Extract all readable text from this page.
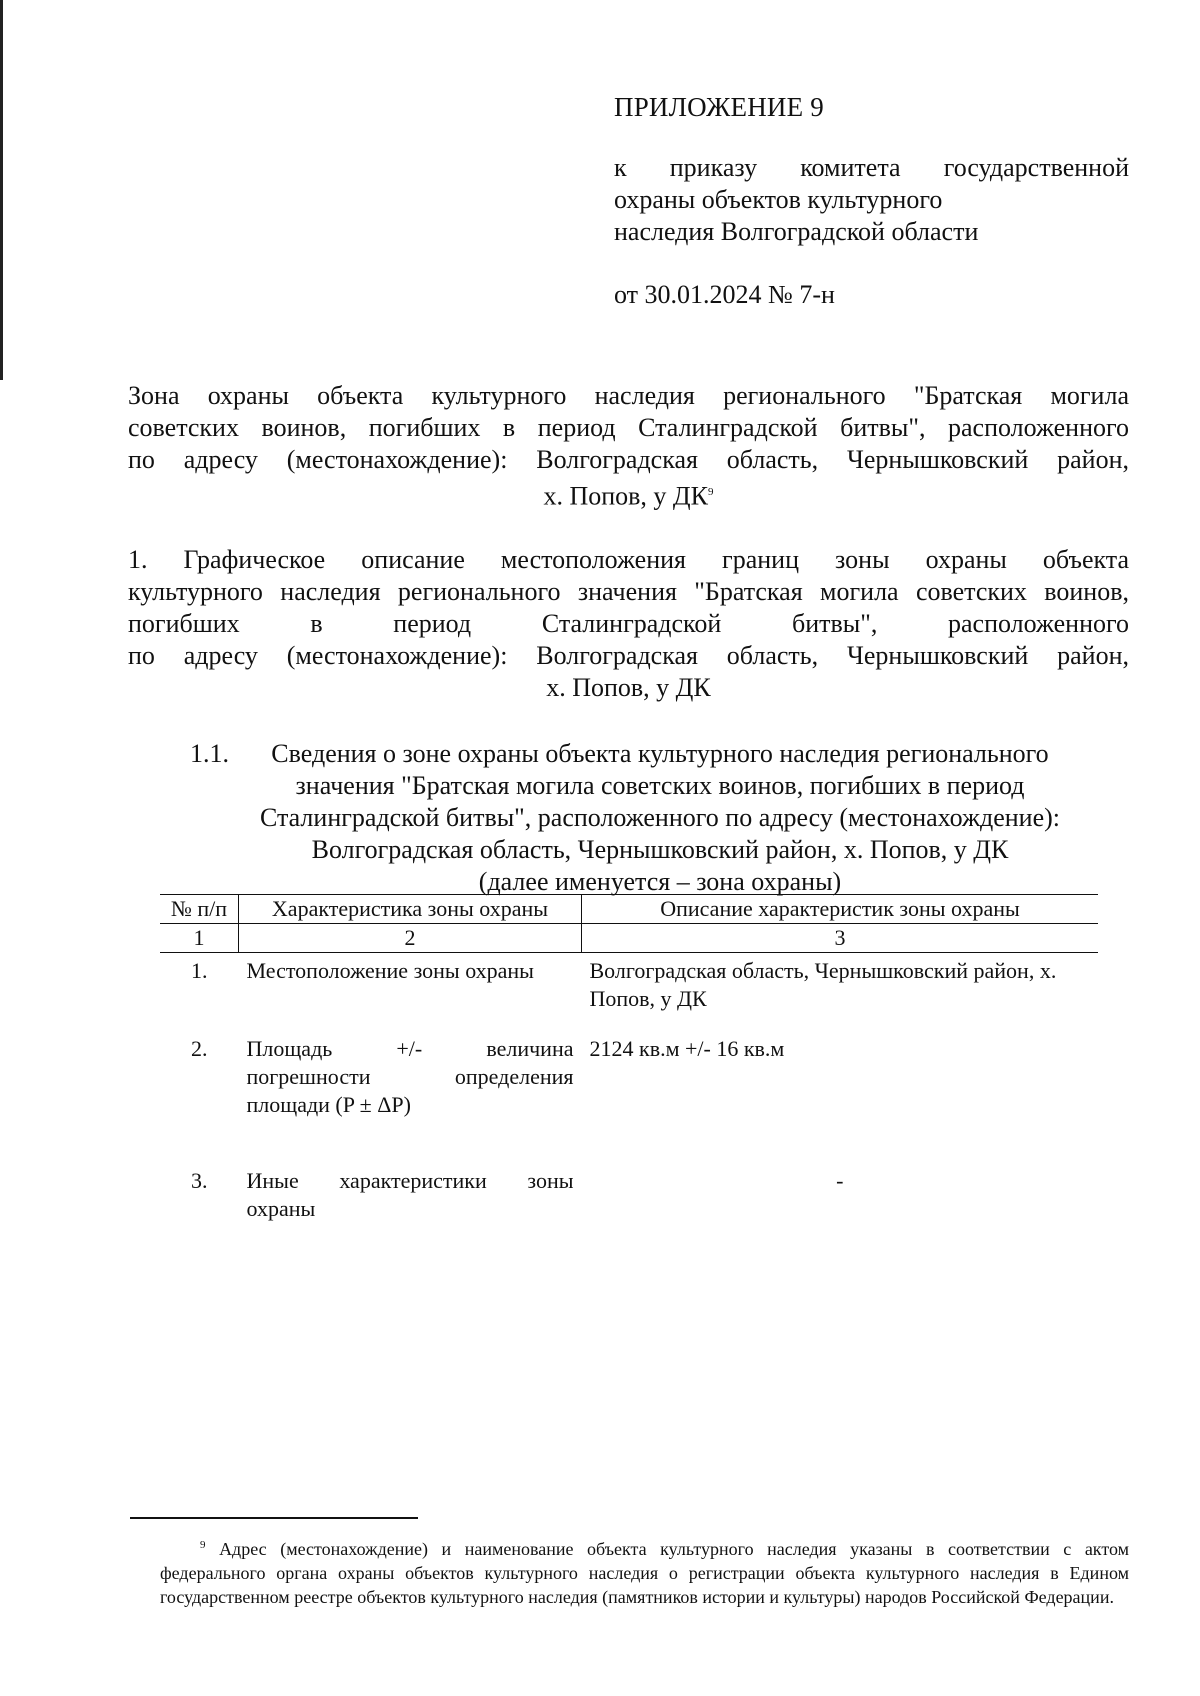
ПРИЛОЖЕНИЕ 9
к приказу комитета государственной
охраны объектов культурного
наследия Волгоградской области
от 30.01.2024 № 7-н
Зона охраны объекта культурного наследия регионального "Братская могила
советских воинов, погибших в период Сталинградской битвы", расположенного
по адресу (местонахождение): Волгоградская область, Чернышковский район,
х. Попов, у $ДК^9$
1. Графическое описание местоположения границ зоны охраны объекта
культурного наследия регионального значения "Братская могила советских воинов,
погибших в период Сталинградской битвы", расположенного
по адресу (местонахождение): Волгоградская область, Чернышковский район,
х. Попов, у ДК
1.1.	Сведения о зоне охраны объекта культурного наследия регионального
значения "Братская могила советских воинов, погибших в период
Сталинградской битвы", расположенного по адресу (местонахождение):
Волгоградская область, Чернышковский район, х. Попов, у ДК
(далее именуется – зона охраны)
№ п/п	Характеристика зоны охраны	Описание характеристик зоны охраны
1	2	3
1.	Местоположение зоны охраны	Волгоградская область, Чернышковский район, х. Попов, у ДК

2.	Площадь +/- величина погрешности определения площади (P ± ΔP)	2124 кв.м +/- 16 кв.м

3.	Иные характеристики зоны охраны	-
$^9$ Адрес (местонахождение) и наименование объекта культурного наследия указаны в соответствии с актом федерального органа охраны объектов культурного наследия о регистрации объекта культурного наследия в Едином государственном реестре объектов культурного наследия (памятников истории и культуры) народов Российской Федерации.
